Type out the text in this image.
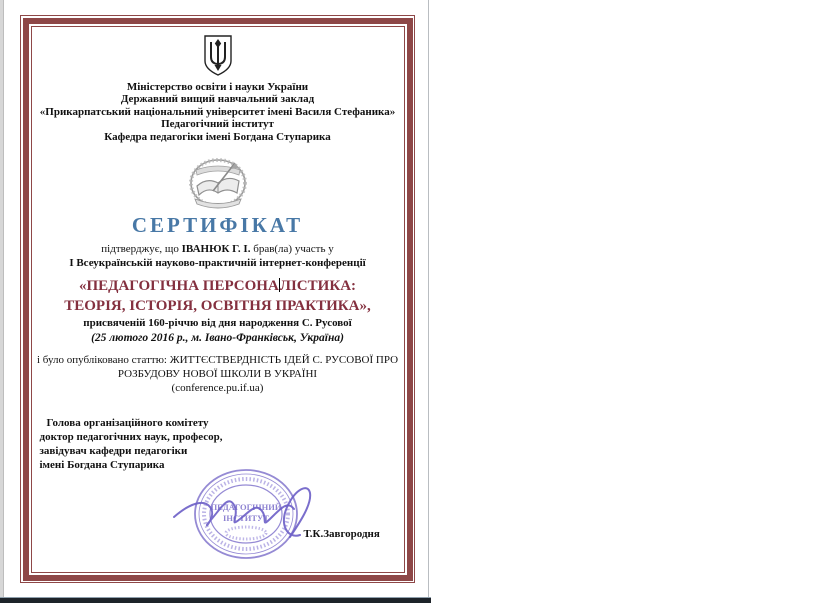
Міністерство освіти і науки України
Державний вищий навчальний заклад
«Прикарпатський національний університет імені Василя Стефаника»
Педагогічний інститут
Кафедра педагогіки імені Богдана Ступарика
СЕРТИФІКАТ
підтверджує, що ІВАНЮК Г. І. брав(ла) участь у
І Всеукраїнській науково-практичній інтернет-конференції
«ПЕДАГОГІЧНА ПЕРСОНАЛІСТИКА:
ТЕОРІЯ, ІСТОРІЯ, ОСВІТНЯ ПРАКТИКА»,
присвяченій 160-річчю від дня народження С. Русової
(25 лютого 2016 р., м. Івано-Франківськ, Україна)
і було опубліковано статтю: ЖИТТЄСТВЕРДНІСТЬ ІДЕЙ С. РУСОВОЇ ПРО
РОЗБУДОВУ НОВОЇ ШКОЛИ В УКРАЇНІ
(conference.pu.if.ua)
Голова організаційного комітету
доктор педагогічних наук, професор,
завідувач кафедри педагогіки
імені Богдана Ступарика
ПЕДАГОГІЧНИЙ
ІНСТИТУТ
Т.К.Завгородня
